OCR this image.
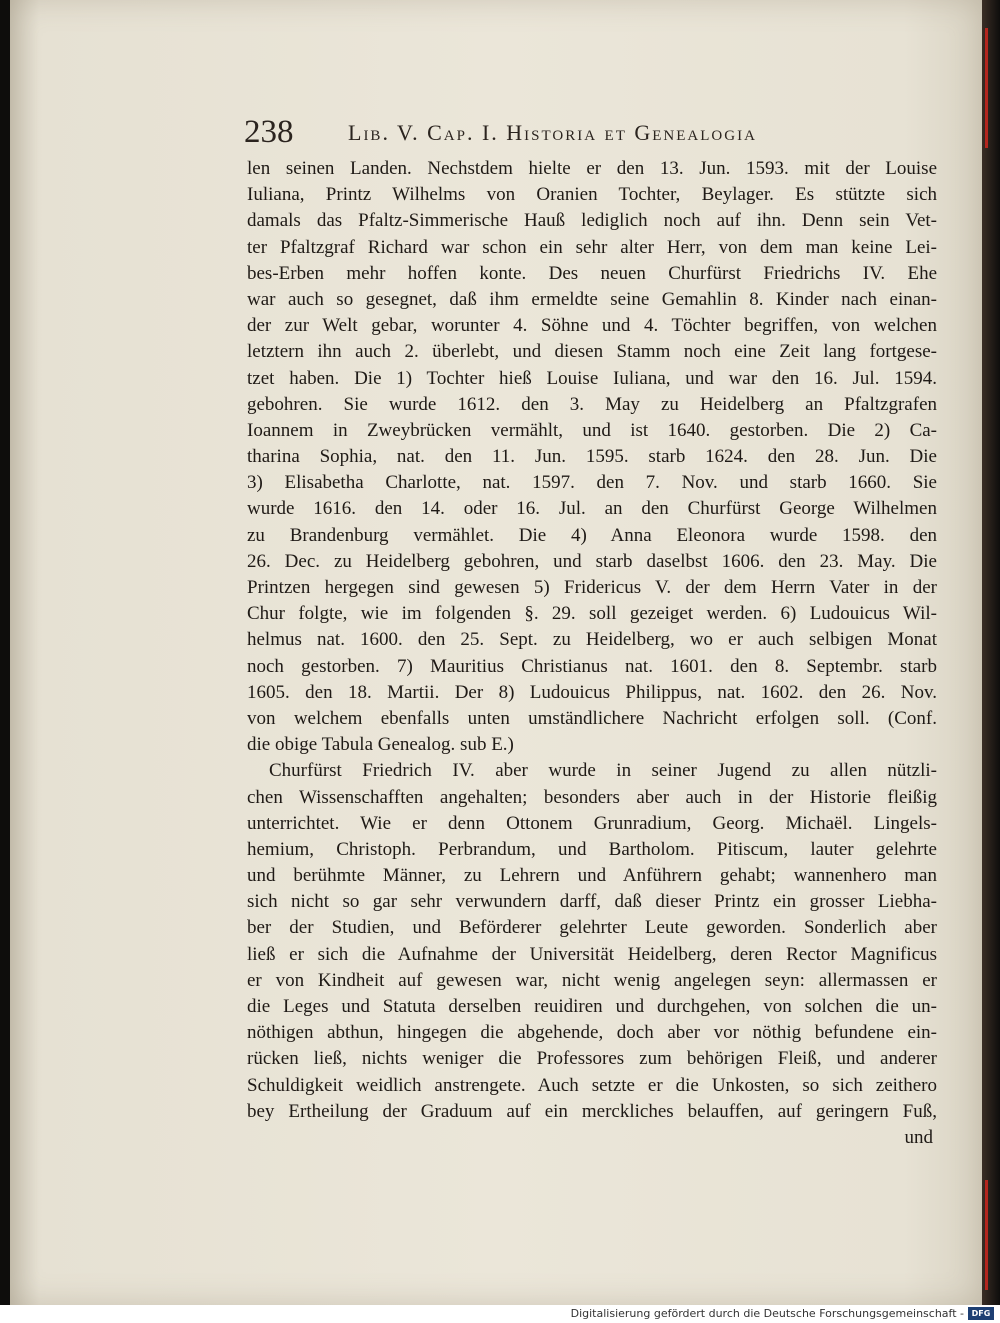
238 Lib. V. Cap. I. Historia et Genealogia
len seinen Landen. Nechstdem hielte er den 13. Jun. 1593. mit der Louise
Iuliana, Printz Wilhelms von Oranien Tochter, Beylager. Es stützte sich
damals das Pfaltz-Simmerische Hauß lediglich noch auf ihn. Denn sein Vet-
ter Pfaltzgraf Richard war schon ein sehr alter Herr, von dem man keine Lei-
bes-Erben mehr hoffen konte. Des neuen Churfürst Friedrichs IV. Ehe
war auch so gesegnet, daß ihm ermeldte seine Gemahlin 8. Kinder nach einan-
der zur Welt gebar, worunter 4. Söhne und 4. Töchter begriffen, von welchen
letztern ihn auch 2. überlebt, und diesen Stamm noch eine Zeit lang fortgese-
tzet haben. Die 1) Tochter hieß Louise Iuliana, und war den 16. Jul. 1594.
gebohren. Sie wurde 1612. den 3. May zu Heidelberg an Pfaltzgrafen
Ioannem in Zweybrücken vermählt, und ist 1640. gestorben. Die 2) Ca-
tharina Sophia, nat. den 11. Jun. 1595. starb 1624. den 28. Jun. Die
3) Elisabetha Charlotte, nat. 1597. den 7. Nov. und starb 1660. Sie
wurde 1616. den 14. oder 16. Jul. an den Churfürst George Wilhelmen
zu Brandenburg vermählet. Die 4) Anna Eleonora wurde 1598. den
26. Dec. zu Heidelberg gebohren, und starb daselbst 1606. den 23. May. Die
Printzen hergegen sind gewesen 5) Fridericus V. der dem Herrn Vater in der
Chur folgte, wie im folgenden §. 29. soll gezeiget werden. 6) Ludouicus Wil-
helmus nat. 1600. den 25. Sept. zu Heidelberg, wo er auch selbigen Monat
noch gestorben. 7) Mauritius Christianus nat. 1601. den 8. Septembr. starb
1605. den 18. Martii. Der 8) Ludouicus Philippus, nat. 1602. den 26. Nov.
von welchem ebenfalls unten umständlichere Nachricht erfolgen soll. (Conf.
die obige Tabula Genealog. sub E.)
Churfürst Friedrich IV. aber wurde in seiner Jugend zu allen nützli-
chen Wissenschafften angehalten; besonders aber auch in der Historie fleißig
unterrichtet. Wie er denn Ottonem Grunradium, Georg. Michaël. Lingels-
hemium, Christoph. Perbrandum, und Bartholom. Pitiscum, lauter gelehrte
und berühmte Männer, zu Lehrern und Anführern gehabt; wannenhero man
sich nicht so gar sehr verwundern darff, daß dieser Printz ein grosser Liebha-
ber der Studien, und Beförderer gelehrter Leute geworden. Sonderlich aber
ließ er sich die Aufnahme der Universität Heidelberg, deren Rector Magnificus
er von Kindheit auf gewesen war, nicht wenig angelegen seyn: allermassen er
die Leges und Statuta derselben reuidiren und durchgehen, von solchen die un-
nöthigen abthun, hingegen die abgehende, doch aber vor nöthig befundene ein-
rücken ließ, nichts weniger die Professores zum behörigen Fleiß, und anderer
Schuldigkeit weidlich anstrengete. Auch setzte er die Unkosten, so sich zeithero
bey Ertheilung der Graduum auf ein merckliches belauffen, auf geringern Fuß,
und
Digitalisierung gefördert durch die Deutsche Forschungsgemeinschaft - DFG
